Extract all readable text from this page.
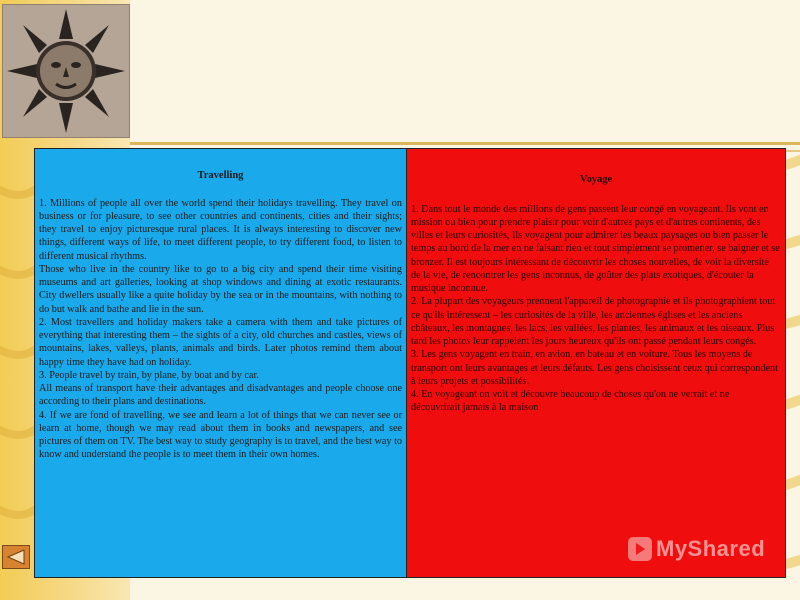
Travelling

1. Millions of people all over the world spend their holidays travelling. They travel on business or for pleasure, to see other countries and continents, cities and their sights; they travel to enjoy picturesque rural places. It is always interesting to discover new things, different ways of life, to meet different people, to try different food, to listen to different musical rhythms.

Those who live in the country like to go to a big city and spend their time visiting museums and art galleries, looking at shop windows and dining at exotic restaurants. City dwellers usually like a quite holiday by the sea or in the mountains, with nothing to do but walk and bathe and lie in the sun.

2. Most travellers and holiday makers take a camera with them and take pictures of everything that interesting them – the sights of a city, old churches and castles, views of mountains, lakes, valleys, plants, animals and birds. Later photos remind them about happy time they have had on holiday.

3. People travel by train, by plane, by boat and by car.

All means of transport have their advantages and disadvantages and people choose one according to their plans and destinations.

4. If we are fond of travelling, we see and learn a lot of things that we can never see or learn at home, though we may read about them in books and newspapers, and see pictures of them on TV. The best way to study geography is to travel, and the best way to know and understand the people is to meet them in their own homes.

Voyage

1. Dans tout le monde des millions de gens passent leur congé en voyageant. Ils vont en mission ou bien pour prendre plaisir pour voir d'autres pays et d'autres continents, des villes et leurs curiosités, Ils voyagent pour admirer les beaux paysages ou bien passer le temps au bord de la mer en ne faisant rien et tout simplement se promener, se baigner et se bronzer. Il est toujours intéressant de découvrir les choses nouvelles, de voir la diversité de la vie, de rencontrer les gens inconnus, de goûter des plats exotiques, d'écouter la musique inconnue.

2. La plupart des voyageurs prennent l'appareil de photographie et ils photographient tout ce qu'ils intéressent – les curiosités de la ville, les anciennes églises et les anciens châteaux, les montagnes, les lacs, les vallées, les plantes, les animaux et les oiseaux. Plus tard les photos leur rappelent les jours heureux qu'ils ont passé pendant leurs congés.

3. Les gens voyagent en train, en avion, en bateau et en voiture. Tous les moyens de transport ont leurs avantages et leurs défauts. Les gens choisissent ceux qui correspondent à leurs projets et possibilités.

4. En voyageant on voit et découvre beaucoup de choses qu'on ne verrait et ne découvrirait jamais à la maison

MyShared
